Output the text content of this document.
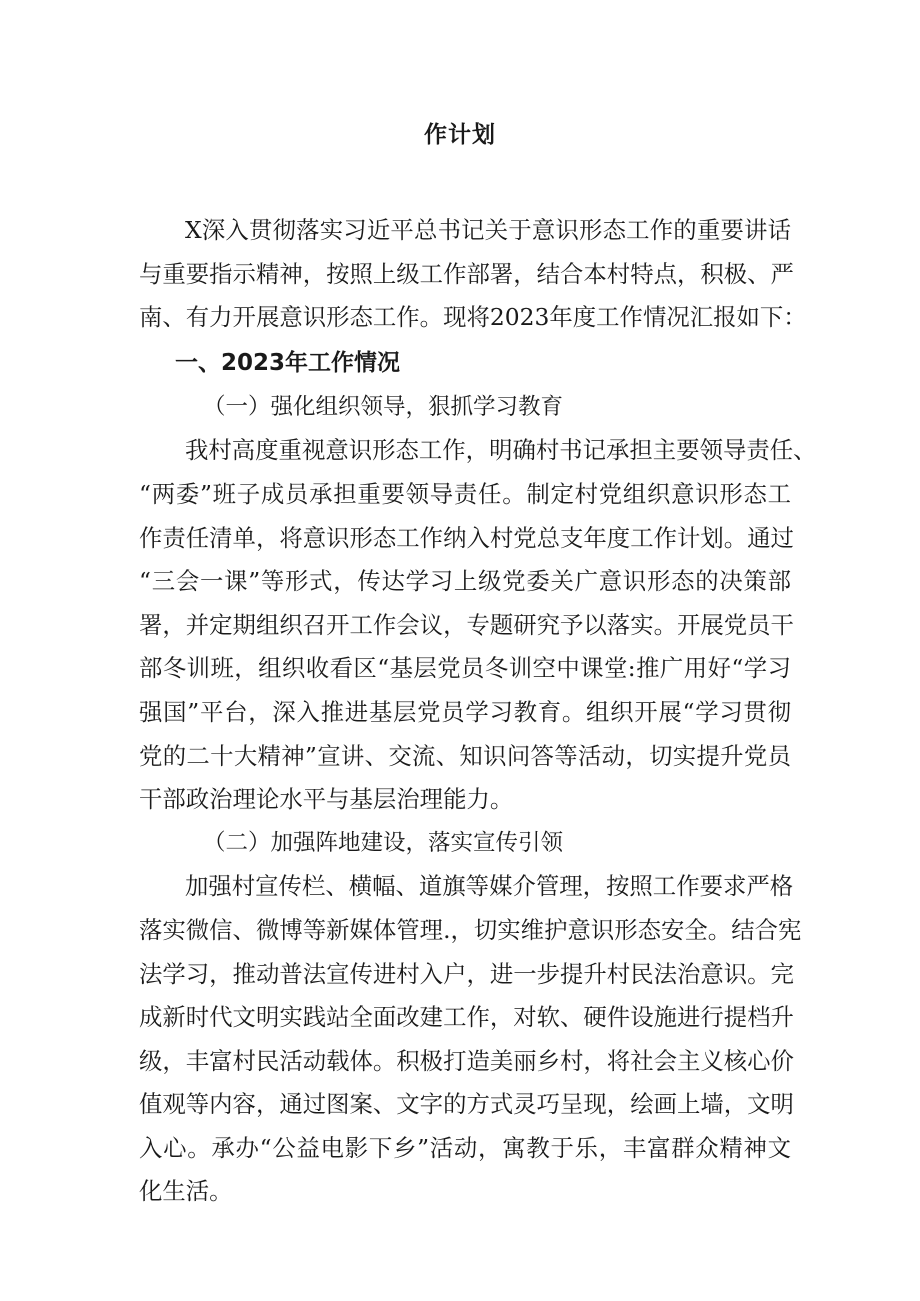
作计划
X深入贯彻落实习近平总书记关于意识形态工作的重要讲话
与重要指示精神，按照上级工作部署，结合本村特点，积极、严
南、有力开展意识形态工作。现将2023年度工作情况汇报如下：
一、2023年工作情况
（一）强化组织领导，狠抓学习教育
我村高度重视意识形态工作，明确村书记承担主要领导责任、
“两委”班子成员承担重要领导责任。制定村党组织意识形态工
作责任清单，将意识形态工作纳入村党总支年度工作计划。通过
“三会一课”等形式，传达学习上级党委关广意识形态的决策部
署，并定期组织召开工作会议，专题研究予以落实。开展党员干
部冬训班，组织收看区“基层党员冬训空中课堂:推广用好“学习
强国”平台，深入推进基层党员学习教育。组织开展“学习贯彻
党的二十大精神”宣讲、交流、知识问答等活动，切实提升党员
干部政治理论水平与基层治理能力。
（二）加强阵地建设，落实宣传引领
加强村宣传栏、横幅、道旗等媒介管理，按照工作要求严格
落实微信、微博等新媒体管理.，切实维护意识形态安全。结合宪
法学习，推动普法宣传进村入户，进一步提升村民法治意识。完
成新时代文明实践站全面改建工作，对软、硬件设施进行提档升
级，丰富村民活动载体。积极打造美丽乡村，将社会主义核心价
值观等内容，通过图案、文字的方式灵巧呈现，绘画上墙，文明
入心。承办“公益电影下乡”活动，寓教于乐，丰富群众精神文
化生活。
